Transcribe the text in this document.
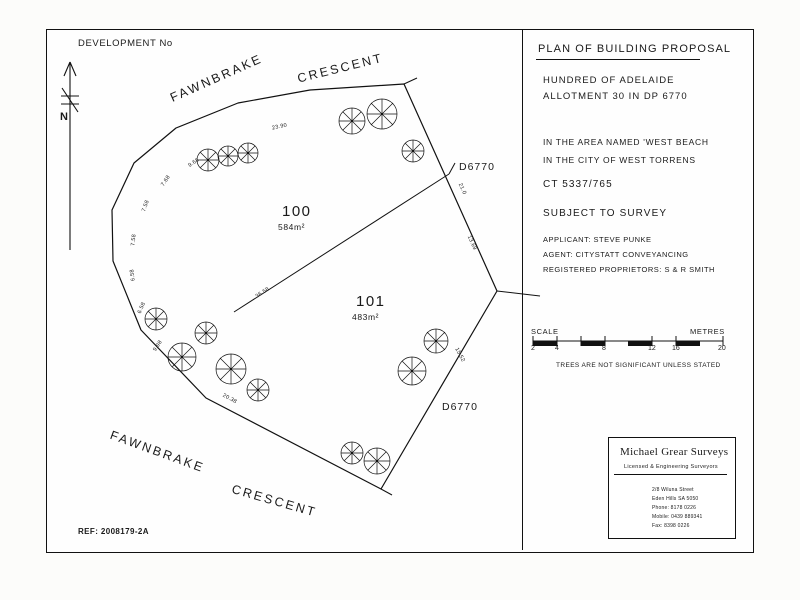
DEVELOPMENT No
REF: 2008179-2A
N
FAWNBRAKE	CRESCENT
FAWNBRAKE
CRESCENT
100
584m²
101
483m²
D6770
D6770
23.90
9.68
7.68
7.58
7.58
6.58
6.58
9.98
20.38
36.58
21.0
13.69
15.52
PLAN OF BUILDING PROPOSAL
HUNDRED OF ADELAIDE
ALLOTMENT 30 IN DP 6770
IN THE AREA NAMED 'WEST BEACH
IN THE CITY OF WEST TORRENS
CT 5337/765
SUBJECT TO SURVEY
APPLICANT: STEVE PUNKE
AGENT: CITYSTATT CONVEYANCING
REGISTERED PROPRIETORS: S & R SMITH
SCALE	METRES
2	4	8	12 16	20
TREES ARE NOT SIGNIFICANT UNLESS STATED
Michael Grear Surveys
Licensed & Engineering Surveyors
2/8 Wiluna Street
Eden Hills SA 5050
Phone: 8178 0226
Mobile: 0439 889341
Fax: 8398 0226
